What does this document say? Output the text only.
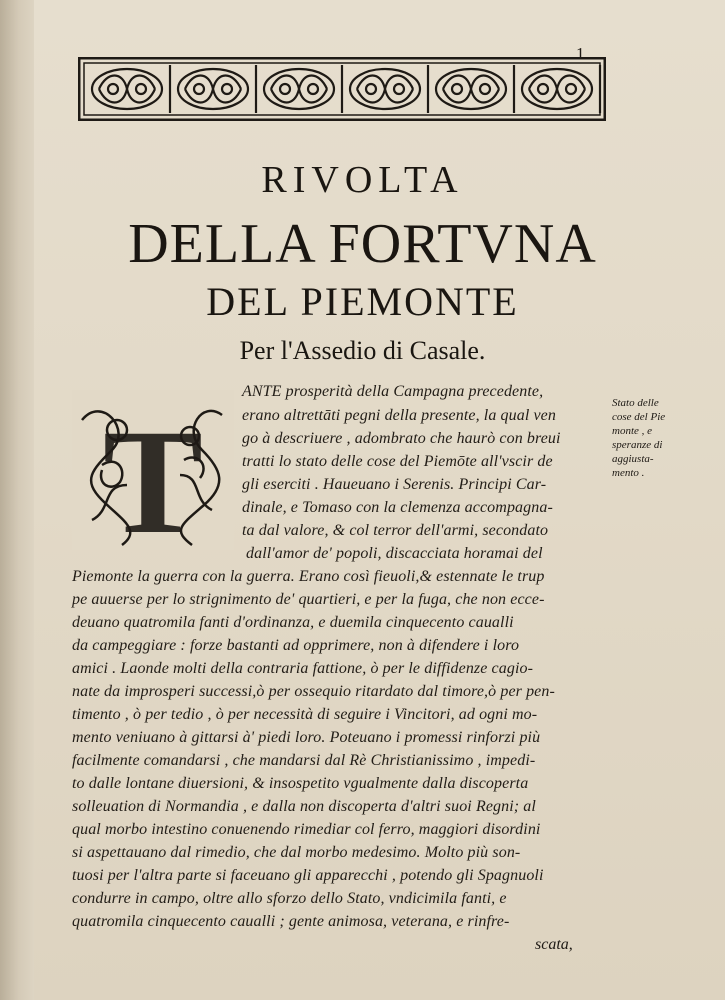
1
RIVOLTA
DELLA FORTVNA
DEL PIEMONTE
Per l'Assedio di Casale.
T	Stato delle
cose del Pie
monte , e
speranze di
aggiusta-
mento .
ANTE prosperità della Campagna precedente,
erano altrettāti pegni della presente, la qual ven
go à descriuere , adombrato che haurò con breui
tratti lo stato delle cose del Piemōte all'vscir de
gli eserciti . Haueuano i Serenis. Principi Car-
dinale, e Tomaso con la clemenza accompagna-
ta dal valore, & col terror dell'armi, secondato
dall'amor de' popoli, discacciata horamai del
Piemonte la guerra con la guerra. Erano così fieuoli,& estennate le trup
pe auuerse per lo strignimento de' quartieri, e per la fuga, che non ecce-
deuano quatromila fanti d'ordinanza, e duemila cinquecento caualli
da campeggiare : forze bastanti ad opprimere, non à difendere i loro
amici . Laonde molti della contraria fattione, ò per le diffidenze cagio-
nate da improsperi successi,ò per ossequio ritardato dal timore,ò per pen-
timento , ò per tedio , ò per necessità di seguire i Vincitori, ad ogni mo-
mento veniuano à gittarsi à' piedi loro. Poteuano i promessi rinforzi più
facilmente comandarsi , che mandarsi dal Rè Christianissimo , impedi-
to dalle lontane diuersioni, & insospetito vgualmente dalla discoperta
solleuation di Normandia , e dalla non discoperta d'altri suoi Regni; al
qual morbo intestino conuenendo rimediar col ferro, maggiori disordini
si aspettauano dal rimedio, che dal morbo medesimo. Molto più son-
tuosi per l'altra parte si faceuano gli apparecchi , potendo gli Spagnuoli
condurre in campo, oltre allo sforzo dello Stato, vndicimila fanti, e
quatromila cinquecento caualli ; gente animosa, veterana, e rinfre-
scata,
